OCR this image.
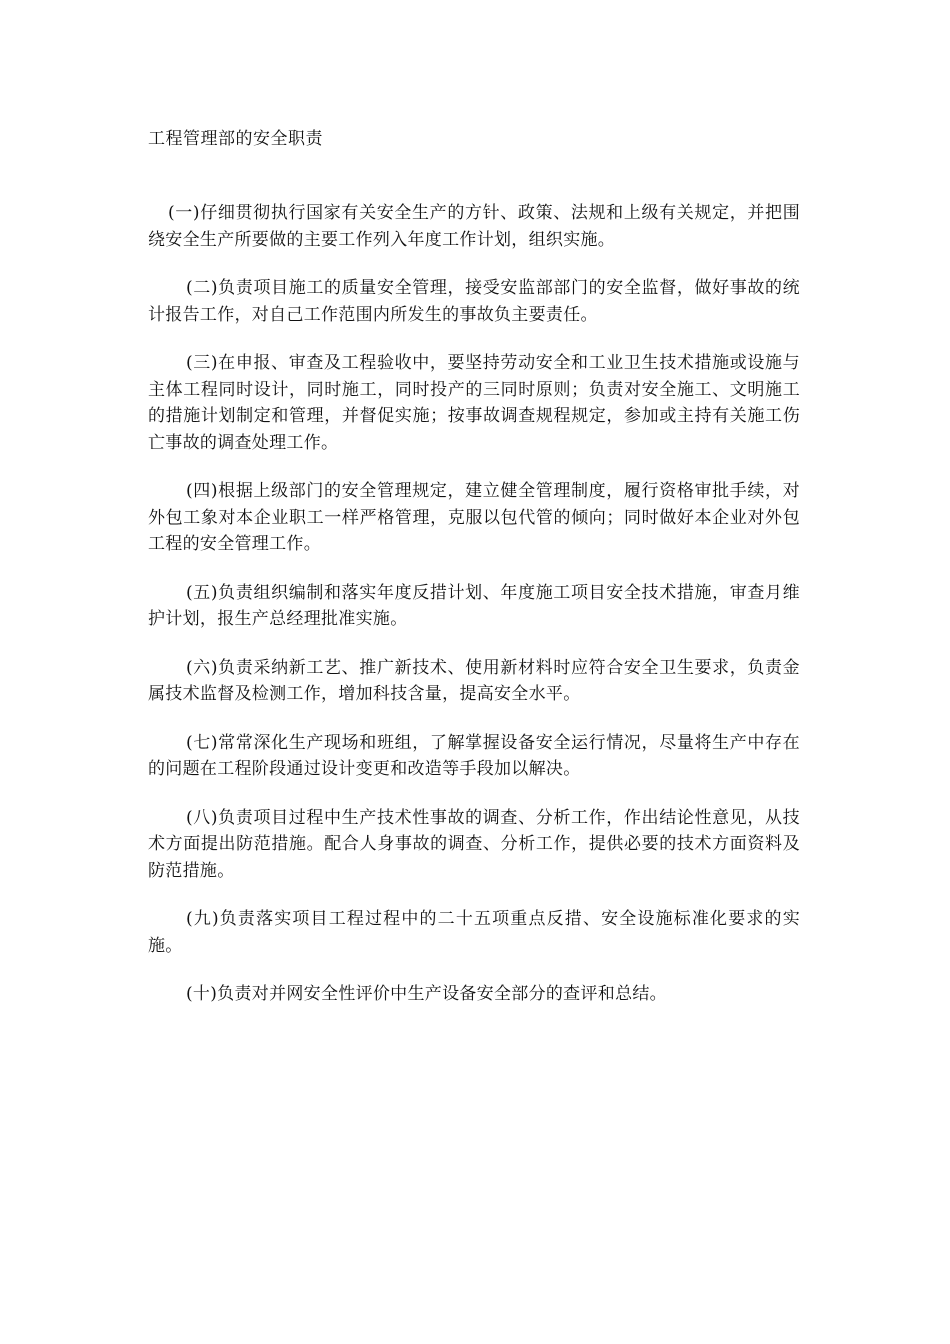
工程管理部的安全职责

(一)仔细贯彻执行国家有关安全生产的方针、政策、法规和上级有关规定，并把围绕安全生产所要做的主要工作列入年度工作计划，组织实施。

(二)负责项目施工的质量安全管理，接受安监部部门的安全监督，做好事故的统计报告工作，对自己工作范围内所发生的事故负主要责任。

(三)在申报、审查及工程验收中，要坚持劳动安全和工业卫生技术措施或设施与主体工程同时设计，同时施工，同时投产的三同时原则；负责对安全施工、文明施工的措施计划制定和管理，并督促实施；按事故调查规程规定，参加或主持有关施工伤亡事故的调查处理工作。

(四)根据上级部门的安全管理规定，建立健全管理制度，履行资格审批手续，对外包工象对本企业职工一样严格管理，克服以包代管的倾向；同时做好本企业对外包工程的安全管理工作。

(五)负责组织编制和落实年度反措计划、年度施工项目安全技术措施，审查月维护计划，报生产总经理批准实施。

(六)负责采纳新工艺、推广新技术、使用新材料时应符合安全卫生要求，负责金属技术监督及检测工作，增加科技含量，提高安全水平。

(七)常常深化生产现场和班组，了解掌握设备安全运行情况，尽量将生产中存在的问题在工程阶段通过设计变更和改造等手段加以解决。

(八)负责项目过程中生产技术性事故的调查、分析工作，作出结论性意见，从技术方面提出防范措施。配合人身事故的调查、分析工作，提供必要的技术方面资料及防范措施。

(九)负责落实项目工程过程中的二十五项重点反措、安全设施标准化要求的实施。

(十)负责对并网安全性评价中生产设备安全部分的查评和总结。
